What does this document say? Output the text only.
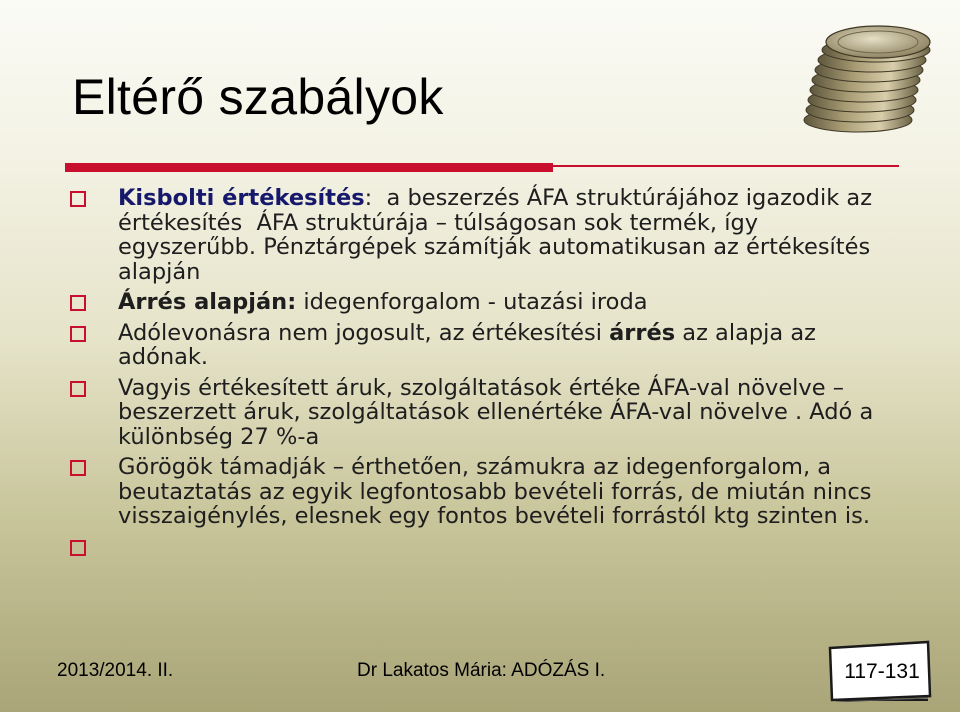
Eltérő szabályok
Kisbolti értékesítés:  a beszerzés ÁFA struktúrájához igazodik az értékesítés  ÁFA struktúrája – túlságosan sok termék, így egyszerűbb. Pénztárgépek számítják automatikusan az értékesítés alapján
Árrés alapján: idegenforgalom - utazási iroda
Adólevonásra nem jogosult, az értékesítési árrés az alapja az adónak.
Vagyis értékesített áruk, szolgáltatások értéke ÁFA-val növelve – beszerzett áruk, szolgáltatások ellenértéke ÁFA-val növelve . Adó a különbség 27 %-a
Görögök támadják – érthetően, számukra az idegenforgalom, a beutaztatás az egyik legfontosabb bevételi forrás, de miután nincs visszaigénylés, elesnek egy fontos bevételi forrástól ktg szinten is.
2013/2014. II.	Dr Lakatos Mária: ADÓZÁS I.	117-131
